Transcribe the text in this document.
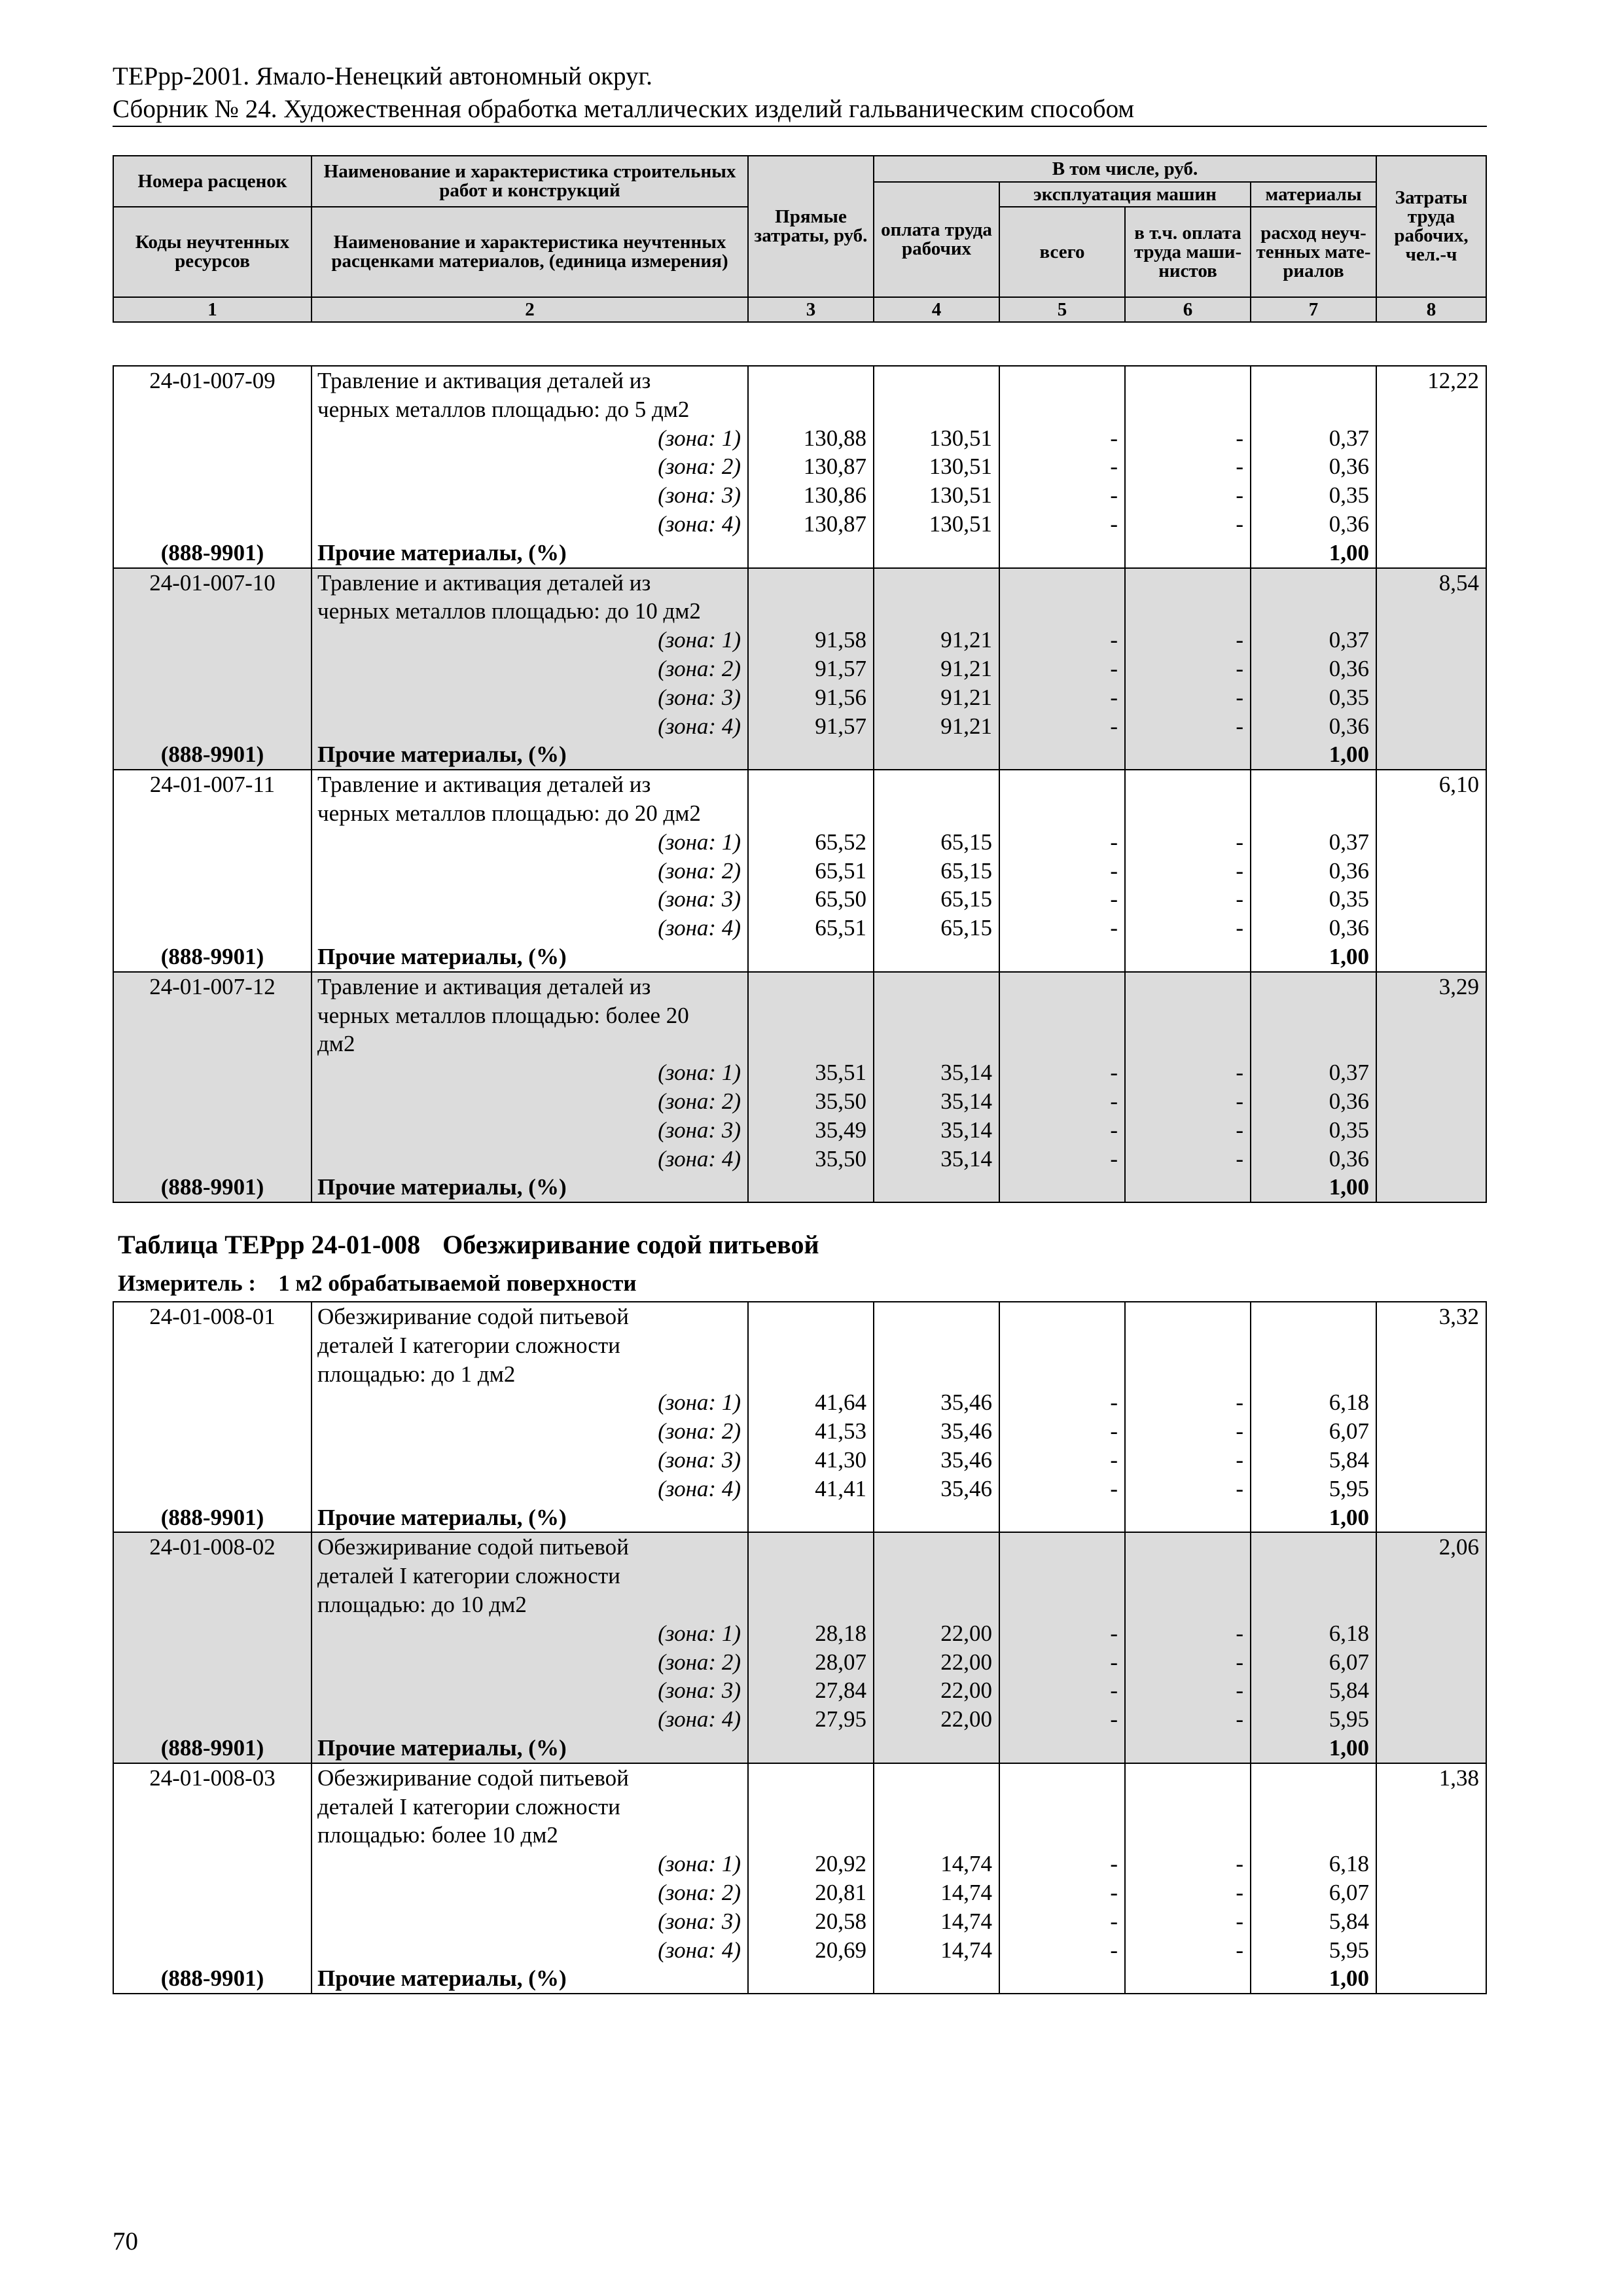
ТЕРрр-2001. Ямало-Ненецкий автономный округ.
Сборник № 24. Художественная обработка металлических изделий гальваническим способом
Номера расценок	Наименование и характеристика строительных работ и конструкций	Прямые затраты, руб.	В том числе, руб.				Затраты труда рабочих, чел.-ч
			оплата труда рабочих	эксплуатация машин		материалы	
Коды неучтенных ресурсов	Наименование и характеристика неучтенных расценками материалов, (единица измерения)			всего	в т.ч. оплата труда маши-нистов	расход неуч-тенных мате-риалов	

1	2	3	4	5	6	7	8
24-01-007-09	Травление и активация деталей из						12,22
	черных металлов площадью: до 5 дм2						
	(зона: 1)	130,88	130,51	-	-	0,37	
	(зона: 2)	130,87	130,51	-	-	0,36	
	(зона: 3)	130,86	130,51	-	-	0,35	
	(зона: 4)	130,87	130,51	-	-	0,36	
(888-9901)	Прочие материалы, (%)					1,00	

24-01-007-10	Травление и активация деталей из						8,54
	черных металлов площадью: до 10 дм2						
	(зона: 1)	91,58	91,21	-	-	0,37	
	(зона: 2)	91,57	91,21	-	-	0,36	
	(зона: 3)	91,56	91,21	-	-	0,35	
	(зона: 4)	91,57	91,21	-	-	0,36	
(888-9901)	Прочие материалы, (%)					1,00	

24-01-007-11	Травление и активация деталей из						6,10
	черных металлов площадью: до 20 дм2						
	(зона: 1)	65,52	65,15	-	-	0,37	
	(зона: 2)	65,51	65,15	-	-	0,36	
	(зона: 3)	65,50	65,15	-	-	0,35	
	(зона: 4)	65,51	65,15	-	-	0,36	
(888-9901)	Прочие материалы, (%)					1,00	

24-01-007-12	Травление и активация деталей из						3,29
	черных металлов площадью: более 20						
	дм2						
	(зона: 1)	35,51	35,14	-	-	0,37	
	(зона: 2)	35,50	35,14	-	-	0,36	
	(зона: 3)	35,49	35,14	-	-	0,35	
	(зона: 4)	35,50	35,14	-	-	0,36	
(888-9901)	Прочие материалы, (%)					1,00	
Таблица ТЕРрр 24-01-008 Обезжиривание содой питьевой
Измеритель : 1 м2 обрабатываемой поверхности
24-01-008-01	Обезжиривание содой питьевой						3,32
	деталей I категории сложности						
	площадью: до 1 дм2						
	(зона: 1)	41,64	35,46	-	-	6,18	
	(зона: 2)	41,53	35,46	-	-	6,07	
	(зона: 3)	41,30	35,46	-	-	5,84	
	(зона: 4)	41,41	35,46	-	-	5,95	
(888-9901)	Прочие материалы, (%)					1,00	

24-01-008-02	Обезжиривание содой питьевой						2,06
	деталей I категории сложности						
	площадью: до 10 дм2						
	(зона: 1)	28,18	22,00	-	-	6,18	
	(зона: 2)	28,07	22,00	-	-	6,07	
	(зона: 3)	27,84	22,00	-	-	5,84	
	(зона: 4)	27,95	22,00	-	-	5,95	
(888-9901)	Прочие материалы, (%)					1,00	

24-01-008-03	Обезжиривание содой питьевой						1,38
	деталей I категории сложности						
	площадью: более 10 дм2						
	(зона: 1)	20,92	14,74	-	-	6,18	
	(зона: 2)	20,81	14,74	-	-	6,07	
	(зона: 3)	20,58	14,74	-	-	5,84	
	(зона: 4)	20,69	14,74	-	-	5,95	
(888-9901)	Прочие материалы, (%)					1,00	
70
